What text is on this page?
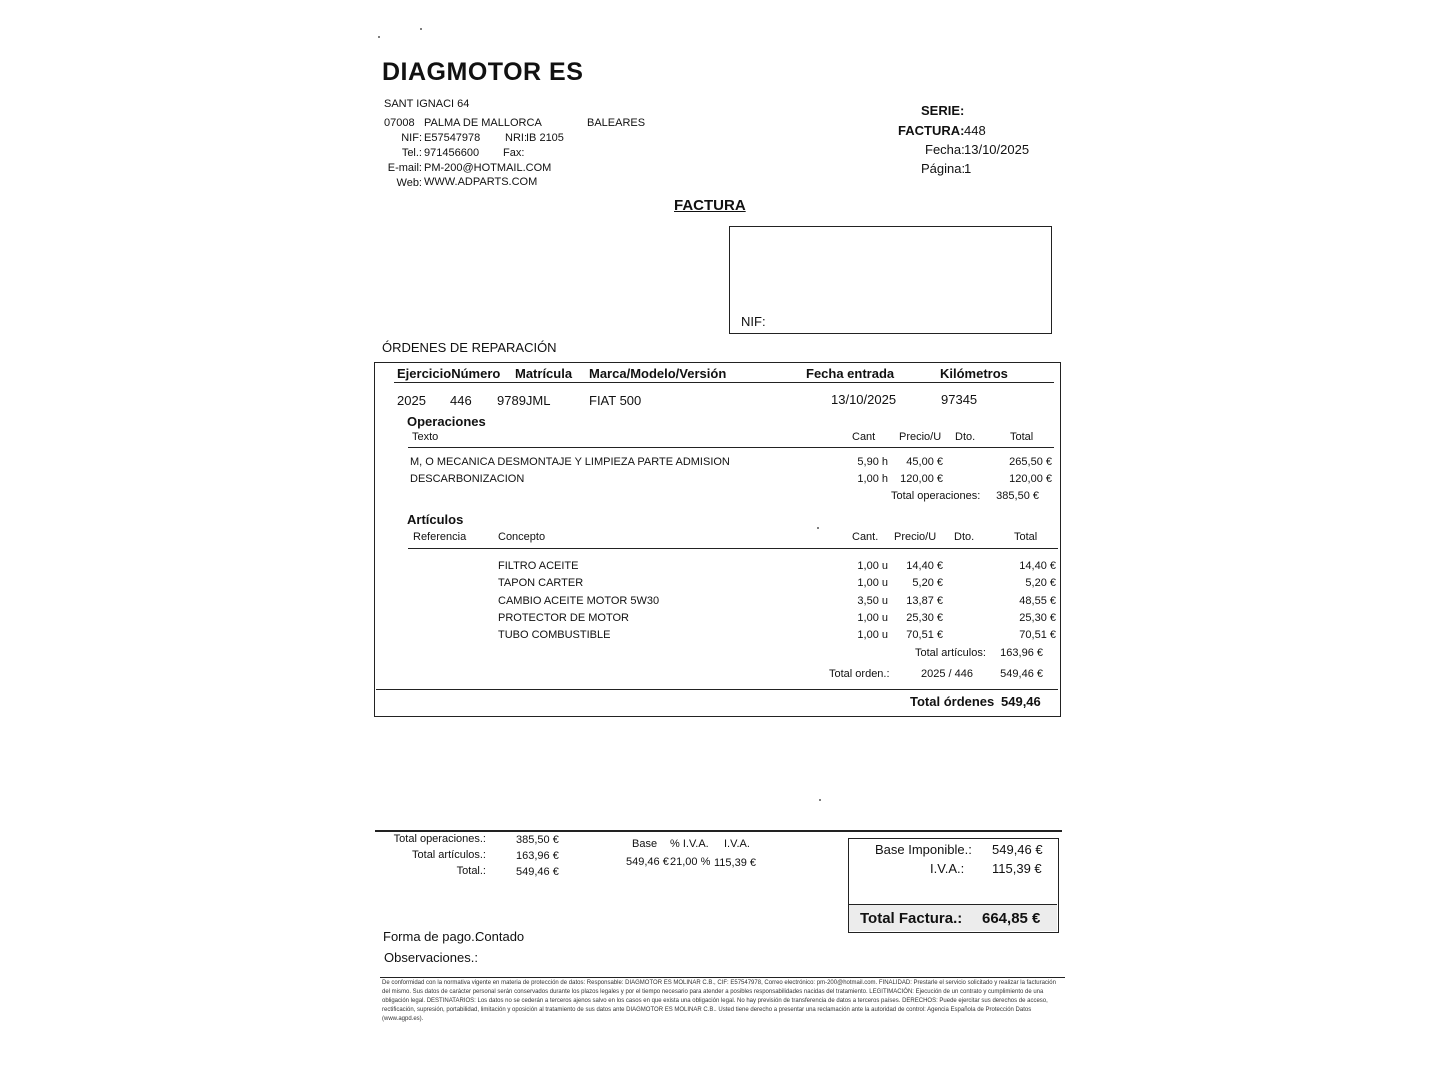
DIAGMOTOR ES
SANT IGNACI 64
07008 PALMA DE MALLORCA	BALEARES
NIF: E57547978 NRI: IB 2105
Tel.: 971456600 Fax:
E-mail: PM-200@HOTMAIL.COM
Web: WWW.ADPARTS.COM
SERIE:
FACTURA: 448
Fecha: 13/10/2025
Página:
1
FACTURA
NIF:
ÓRDENES DE REPARACIÓN
EjercicioNúmero Matrícula Marca/Modelo/Versión	Fecha entrada	Kilómetros
2025 446 9789JML	FIAT 500	13/10/2025	97345
Operaciones
Texto	Cant Precio/U Dto.	Total
M, O MECANICA DESMONTAJE Y LIMPIEZA PARTE ADMISION	5,90 h	45,00 €	265,50 €
DESCARBONIZACION	1,00 h	120,00 €	120,00 €
Total operaciones:	385,50 €
Artículos
Referencia	Concepto	Cant. Precio/U Dto.	Total
FILTRO ACEITE	1,00 u	14,40 €	14,40 €
TAPON CARTER	1,00 u	5,20 €	5,20 €
CAMBIO ACEITE MOTOR 5W30	3,50 u	13,87 €	48,55 €
PROTECTOR DE MOTOR	1,00 u	25,30 €	25,30 €
TUBO COMBUSTIBLE	1,00 u	70,51 €	70,51 €
Total artículos:	163,96 €
Total orden.:	2025 / 446	549,46 €
Total órdenes 549,46
Total operaciones.:	385,50 €
Total artículos.:	163,96 €
Total.:	549,46 €
Base % I.V.A. I.V.A.
549,46 € 21,00 % 115,39 €
Base Imponible.: 549,46 €
I.V.A.: 115,39 €
Total Factura.: 664,85 €
Forma de pago.:
Contado
Observaciones.:
De conformidad con la normativa vigente en materia de protección de datos: Responsable: DIAGMOTOR ES MOLINAR C.B., CIF: E57547978, Correo electrónico: pm-200@hotmail.com. FINALIDAD: Prestarle el servicio solicitado y realizar la facturación del mismo. Sus datos de carácter personal serán conservados durante los plazos legales y por el tiempo necesario para atender a posibles responsabilidades nacidas del tratamiento. LEGITIMACIÓN: Ejecución de un contrato y cumplimiento de una obligación legal. DESTINATARIOS: Los datos no se cederán a terceros ajenos salvo en los casos en que exista una obligación legal. No hay previsión de transferencia de datos a terceros países. DERECHOS: Puede ejercitar sus derechos de acceso, rectificación, supresión, portabilidad, limitación y oposición al tratamiento de sus datos ante DIAGMOTOR ES MOLINAR C.B.. Usted tiene derecho a presentar una reclamación ante la autoridad de control: Agencia Española de Protección Datos (www.agpd.es).
